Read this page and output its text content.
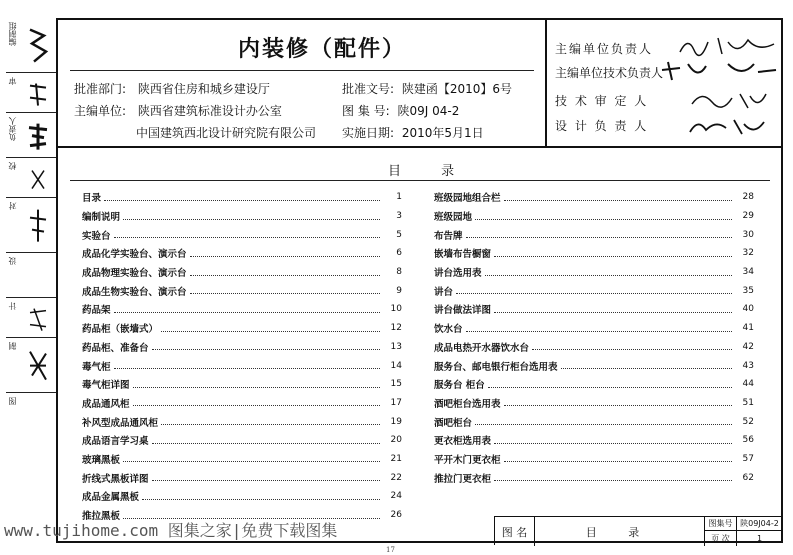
编制组
审
负责人
校
对
设
计
制
图
内装修（配件）
批准部门: 陕西省住房和城乡建设厅
主编单位: 陕西省建筑标准设计办公室
中国建筑西北设计研究院有限公司
批准文号: 陕建函【2010】6号
图 集 号: 陕09J 04-2
实施日期: 2010年5月1日
主编单位负责人
主编单位技术负责人
技 术 审 定 人
设 计 负 责 人
目 录
目录	1
编制说明	3
实验台	5
成品化学实验台、演示台	6
成品物理实验台、演示台	8
成品生物实验台、演示台	9
药品架	10
药品柜（嵌墙式）	12
药品柜、准备台	13
毒气柜	14
毒气柜详图	15
成品通风柜	17
补风型成品通风柜	19
成品语言学习桌	20
玻璃黑板	21
折线式黑板详图	22
成品金属黑板	24
推拉黑板	26
班级园地组合栏	28
班级园地	29
布告牌	30
嵌墙布告橱窗	32
讲台选用表	34
讲台	35
讲台做法详图	40
饮水台	41
成品电热开水器饮水台	42
服务台、邮电银行柜台选用表	43
服务台 柜台	44
酒吧柜台选用表	51
酒吧柜台	52
更衣柜选用表	56
平开木门更衣柜	57
推拉门更衣柜	62
图 名	目 录
图集号 陕09J04-2
页 次	1
www.tujihome.com 图集之家|免费下载图集
17
